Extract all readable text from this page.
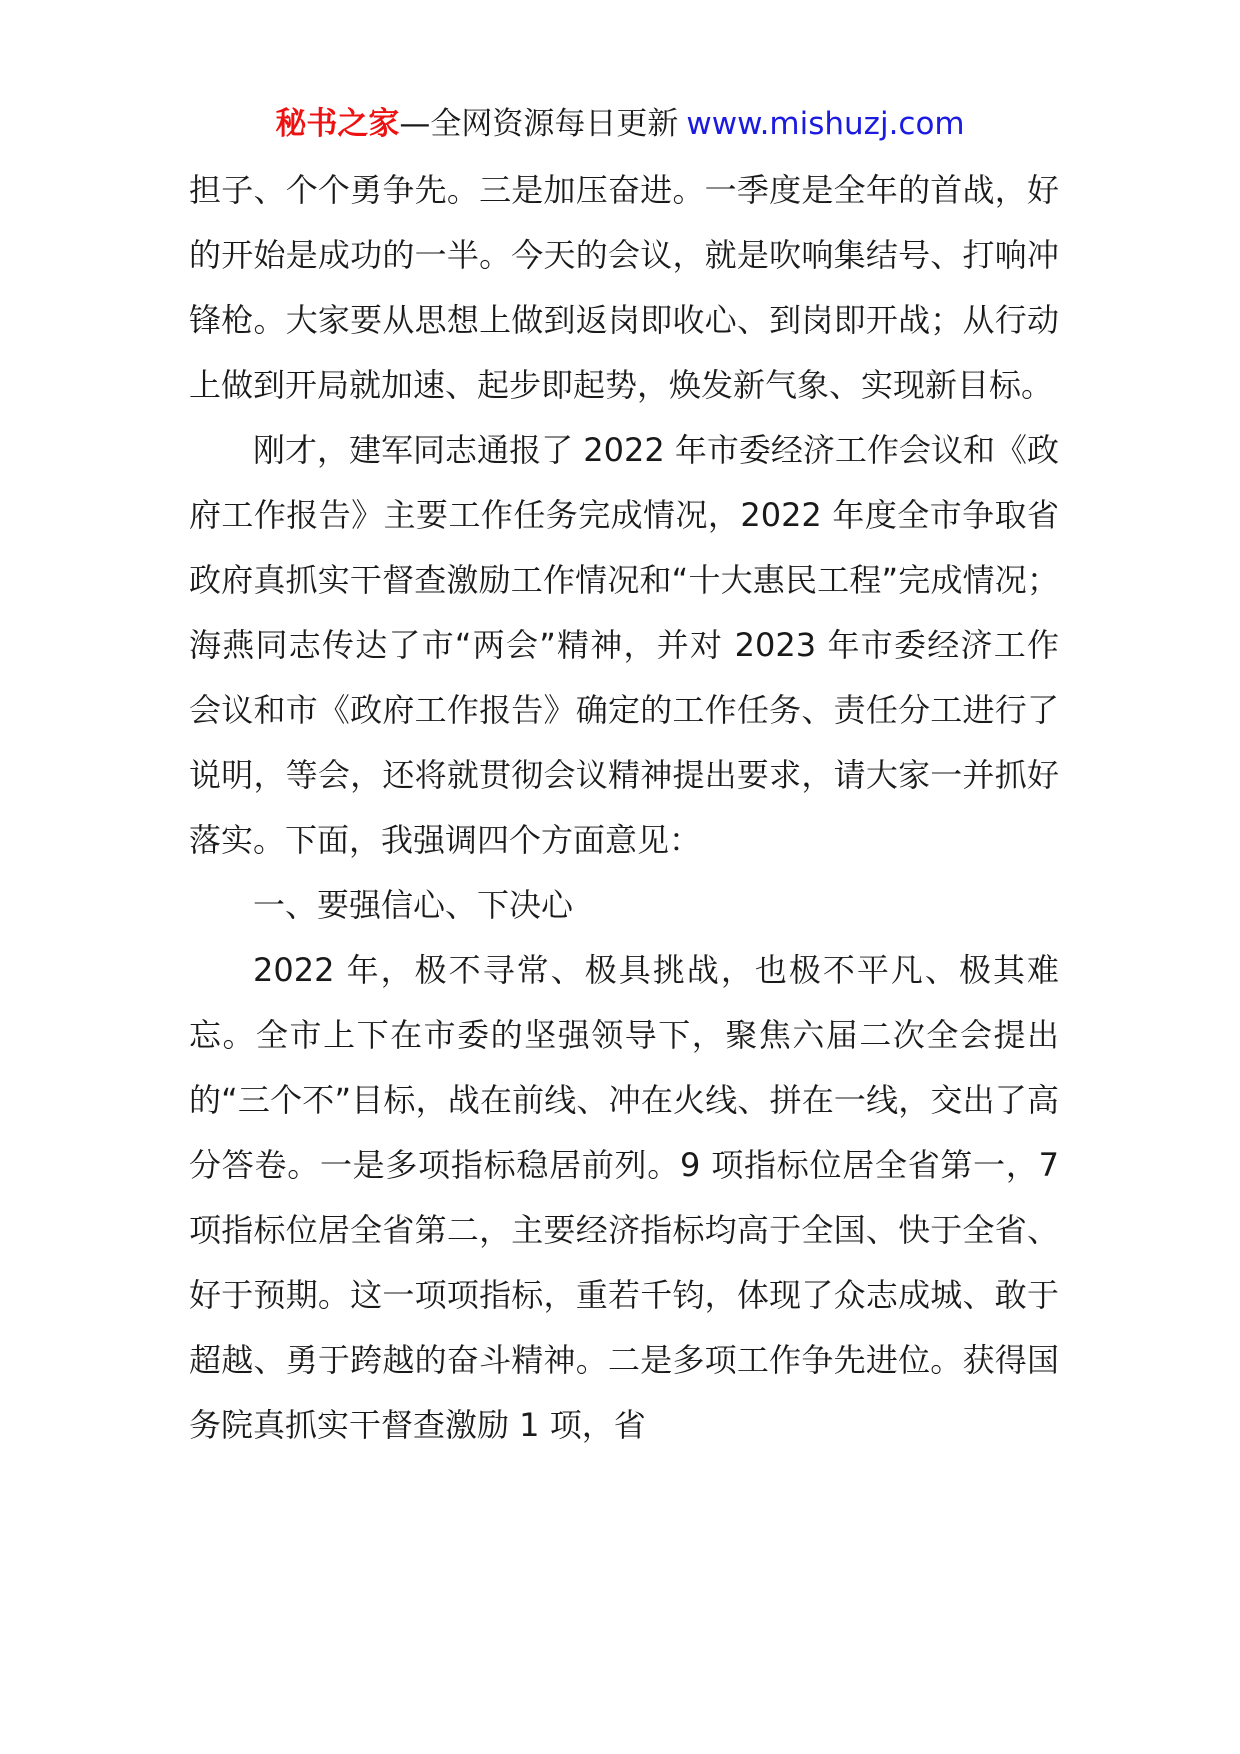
秘书之家—全网资源每日更新 www.mishuzj.com

担子、个个勇争先。三是加压奋进。一季度是全年的首战，好的开始是成功的一半。今天的会议，就是吹响集结号、打响冲锋枪。大家要从思想上做到返岗即收心、到岗即开战；从行动上做到开局就加速、起步即起势，焕发新气象、实现新目标。

刚才，建军同志通报了 2022 年市委经济工作会议和《政府工作报告》主要工作任务完成情况，2022 年度全市争取省政府真抓实干督查激励工作情况和“十大惠民工程”完成情况；海燕同志传达了市“两会”精神，并对 2023 年市委经济工作会议和市《政府工作报告》确定的工作任务、责任分工进行了说明，等会，还将就贯彻会议精神提出要求，请大家一并抓好落实。下面，我强调四个方面意见：

一、要强信心、下决心

2022 年，极不寻常、极具挑战，也极不平凡、极其难忘。全市上下在市委的坚强领导下，聚焦六届二次全会提出的“三个不”目标，战在前线、冲在火线、拼在一线，交出了高分答卷。一是多项指标稳居前列。9 项指标位居全省第一，7 项指标位居全省第二，主要经济指标均高于全国、快于全省、好于预期。这一项项指标，重若千钧，体现了众志成城、敢于超越、勇于跨越的奋斗精神。二是多项工作争先进位。获得国务院真抓实干督查激励 1 项，省
